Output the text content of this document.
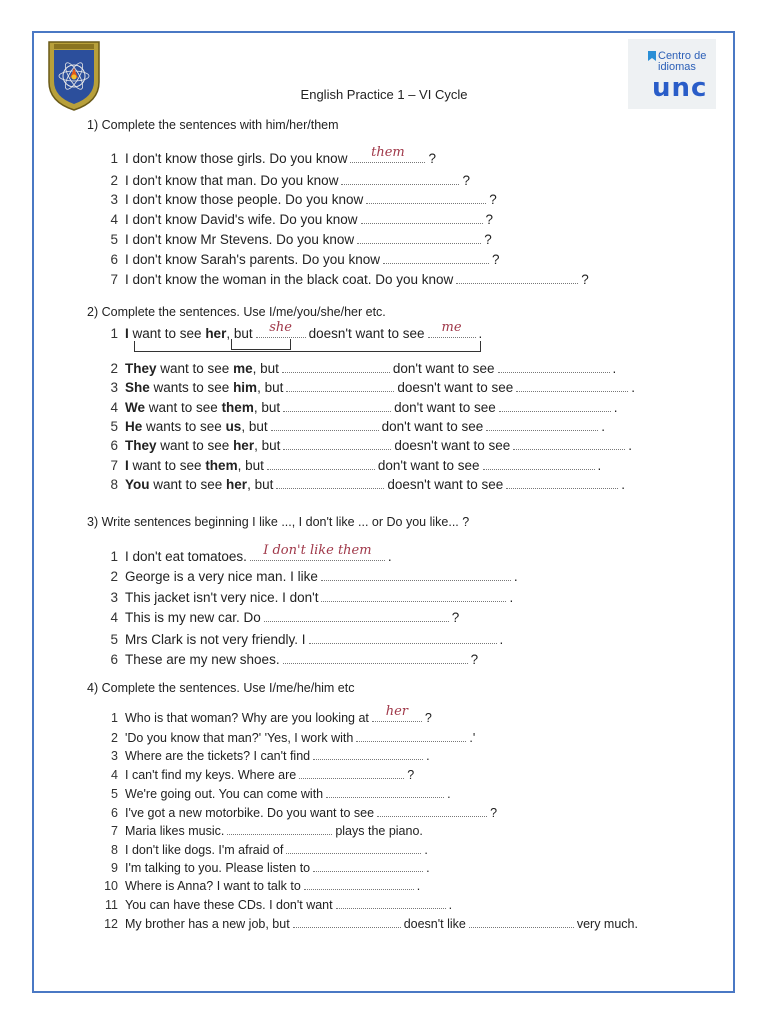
Centro de
idiomas
unc
English Practice 1 – VI Cycle
1) Complete the sentences with him/her/them
1 I don't know those girls. Do you know	them	?
2 I don't know that man. Do you know	?
3 I don't know those people. Do you know	?
4 I don't know David's wife. Do you know	?
5 I don't know Mr Stevens. Do you know	?
6 I don't know Sarah's parents. Do you know	?
7 I don't know the woman in the black coat. Do you know	?
2) Complete the sentences. Use I/me/you/she/her etc.
1 I want to see her, but	she	doesn't want to see	me	.
2 They want to see me, but	don't want to see	.
3 She wants to see him, but	doesn't want to see	.
4 We want to see them, but	don't want to see	.
5 He wants to see us, but	don't want to see	.
6 They want to see her, but	doesn't want to see	.
7 I want to see them, but	don't want to see	.
8 You want to see her, but	doesn't want to see	.
3) Write sentences beginning I like ..., I don't like ... or Do you like... ?
1 I don't eat tomatoes.	I don't like them	.
2 George is a very nice man. I like	.
3 This jacket isn't very nice. I don't	.
4 This is my new car. Do	?
5 Mrs Clark is not very friendly. I	.
6 These are my new shoes.	?
4) Complete the sentences. Use I/me/he/him etc
1 Who is that woman? Why are you looking at	her	?
2 'Do you know that man?' 'Yes, I work with	.'
3 Where are the tickets? I can't find	.
4 I can't find my keys. Where are	?
5 We're going out. You can come with	.
6 I've got a new motorbike. Do you want to see	?
7 Maria likes music.	plays the piano.
8 I don't like dogs. I'm afraid of	.
9 I'm talking to you. Please listen to	.
10 Where is Anna? I want to talk to	.
11 You can have these CDs. I don't want	.
12 My brother has a new job, but	doesn't like	very much.
